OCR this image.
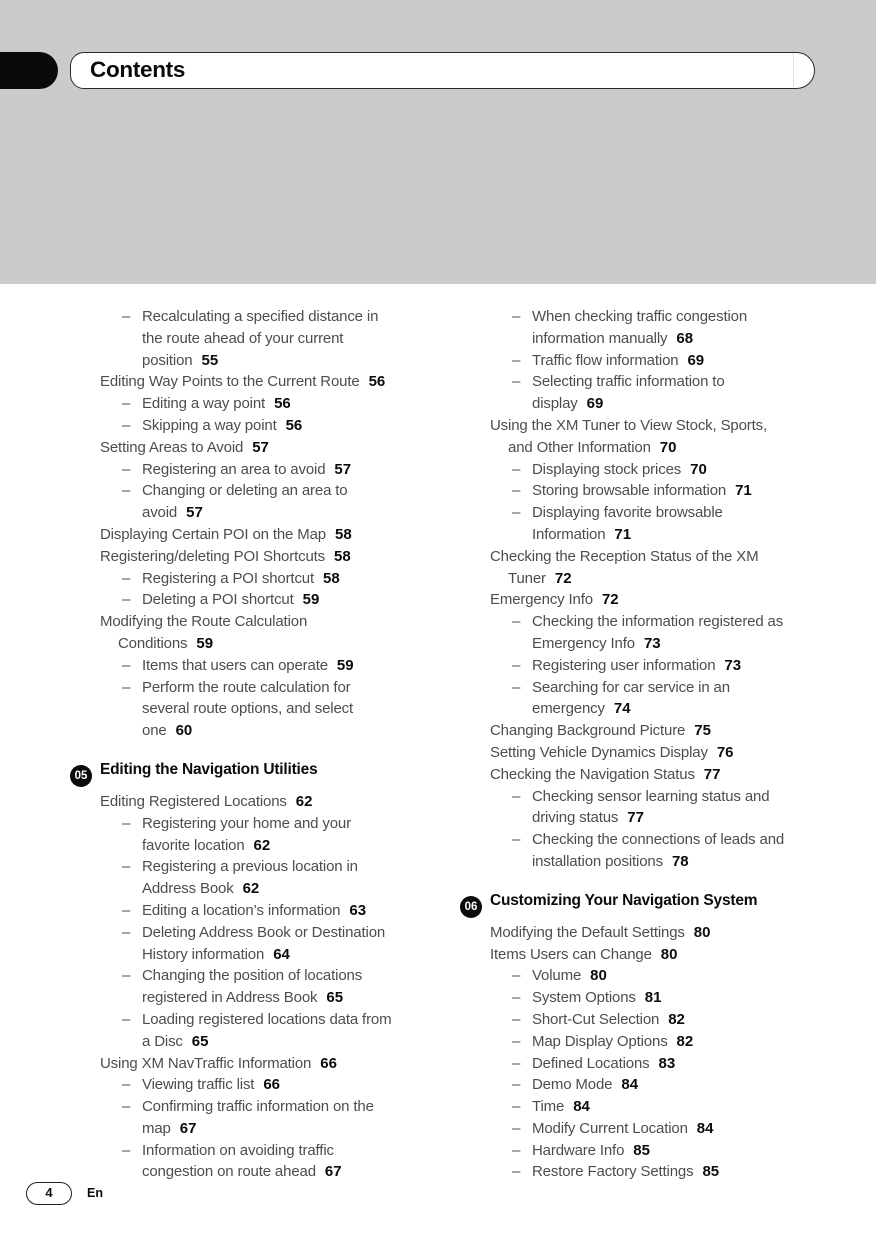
Contents
– Recalculating a specified distance in
the route ahead of your current
position 55
Editing Way Points to the Current Route 56
– Editing a way point 56
– Skipping a way point 56
Setting Areas to Avoid 57
– Registering an area to avoid 57
– Changing or deleting an area to
avoid 57
Displaying Certain POI on the Map 58
Registering/deleting POI Shortcuts 58
– Registering a POI shortcut 58
– Deleting a POI shortcut 59
Modifying the Route Calculation
Conditions 59
– Items that users can operate 59
– Perform the route calculation for
several route options, and select
one 60
05 Editing the Navigation Utilities
Editing Registered Locations 62
– Registering your home and your
favorite location 62
– Registering a previous location in
Address Book 62
– Editing a location’s information 63
– Deleting Address Book or Destination
History information 64
– Changing the position of locations
registered in Address Book 65
– Loading registered locations data from
a Disc 65
Using XM NavTraffic Information 66
– Viewing traffic list 66
– Confirming traffic information on the
map 67
– Information on avoiding traffic
congestion on route ahead 67
– When checking traffic congestion
information manually 68
– Traffic flow information 69
– Selecting traffic information to
display 69
Using the XM Tuner to View Stock, Sports,
and Other Information 70
– Displaying stock prices 70
– Storing browsable information 71
– Displaying favorite browsable
Information 71
Checking the Reception Status of the XM
Tuner 72
Emergency Info 72
– Checking the information registered as
Emergency Info 73
– Registering user information 73
– Searching for car service in an
emergency 74
Changing Background Picture 75
Setting Vehicle Dynamics Display 76
Checking the Navigation Status 77
– Checking sensor learning status and
driving status 77
– Checking the connections of leads and
installation positions 78
06 Customizing Your Navigation System
Modifying the Default Settings 80
Items Users can Change 80
– Volume 80
– System Options 81
– Short-Cut Selection 82
– Map Display Options 82
– Defined Locations 83
– Demo Mode 84
– Time 84
– Modify Current Location 84
– Hardware Info 85
– Restore Factory Settings 85
4	En
